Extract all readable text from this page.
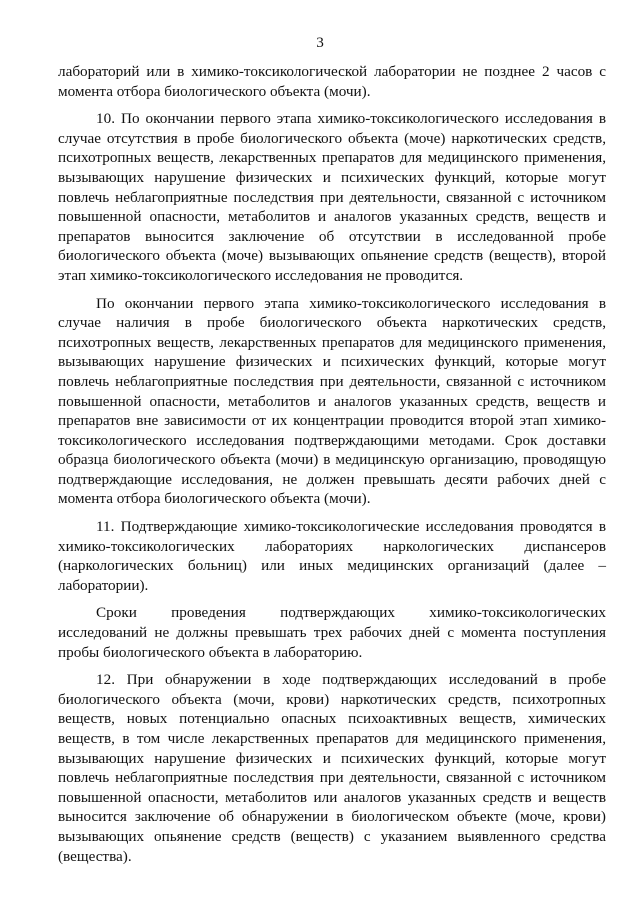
3

лабораторий или в химико-токсикологической лаборатории не позднее 2 часов с момента отбора биологического объекта (мочи).

10. По окончании первого этапа химико-токсикологического исследования в случае отсутствия в пробе биологического объекта (моче) наркотических средств, психотропных веществ, лекарственных препаратов для медицинского применения, вызывающих нарушение физических и психических функций, которые могут повлечь неблагоприятные последствия при деятельности, связанной с источником повышенной опасности, метаболитов и аналогов указанных средств, веществ и препаратов выносится заключение об отсутствии в исследованной пробе биологического объекта (моче) вызывающих опьянение средств (веществ), второй этап химико-токсикологического исследования не проводится.

По окончании первого этапа химико-токсикологического исследования в случае наличия в пробе биологического объекта наркотических средств, психотропных веществ, лекарственных препаратов для медицинского применения, вызывающих нарушение физических и психических функций, которые могут повлечь неблагоприятные последствия при деятельности, связанной с источником повышенной опасности, метаболитов и аналогов указанных средств, веществ и препаратов вне зависимости от их концентрации проводится второй этап химико-токсикологического исследования подтверждающими методами. Срок доставки образца биологического объекта (мочи) в медицинскую организацию, проводящую подтверждающие исследования, не должен превышать десяти рабочих дней с момента отбора биологического объекта (мочи).

11. Подтверждающие химико-токсикологические исследования проводятся в химико-токсикологических лабораториях наркологических диспансеров (наркологических больниц) или иных медицинских организаций (далее – лаборатории).

Сроки проведения подтверждающих химико-токсикологических исследований не должны превышать трех рабочих дней с момента поступления пробы биологического объекта в лабораторию.

12. При обнаружении в ходе подтверждающих исследований в пробе биологического объекта (мочи, крови) наркотических средств, психотропных веществ, новых потенциально опасных психоактивных веществ, химических веществ, в том числе лекарственных препаратов для медицинского применения, вызывающих нарушение физических и психических функций, которые могут повлечь неблагоприятные последствия при деятельности, связанной с источником повышенной опасности, метаболитов или аналогов указанных средств и веществ выносится заключение об обнаружении в биологическом объекте (моче, крови) вызывающих опьянение средств (веществ) с указанием выявленного средства (вещества).
